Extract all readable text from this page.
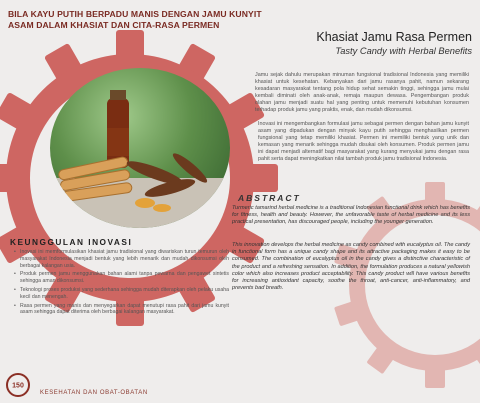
BILA KAYU PUTIH BERPADU MANIS DENGAN JAMU KUNYIT ASAM DALAM KHASIAT DAN CITA-RASA PERMEN
Khasiat Jamu Rasa Permen
Tasty Candy with Herbal Benefits
Jamu sejak dahulu merupakan minuman fungsional tradisional Indonesia yang memiliki khasiat untuk kesehatan. Kebanyakan dari jamu rasanya pahit, namun sekarang kesadaran masyarakat tentang pola hidup sehat semakin tinggi, sehingga jamu mulai kembali diminati oleh anak-anak, remaja maupun dewasa. Pengembangan produk olahan jamu menjadi suatu hal yang penting untuk memenuhi kebutuhan konsumen terhadap produk jamu yang praktis, enak, dan mudah dikonsumsi.
Inovasi ini mengembangkan formulasi jamu sebagai permen dengan bahan jamu kunyit asam yang dipadukan dengan minyak kayu putih sehingga menghasilkan permen fungsional yang tetap memiliki khasiat. Permen ini memiliki bentuk yang unik dan kemasan yang menarik sehingga mudah disukai oleh konsumen. Produk permen jamu ini dapat menjadi alternatif bagi masyarakat yang kurang menyukai jamu dengan rasa pahit serta dapat meningkatkan nilai tambah produk jamu tradisional Indonesia.
ABSTRACT
Turmeric tamarind herbal medicine is a traditional Indonesian functional drink which has benefits for fitness, health and beauty. However, the unfavorable taste of herbal medicine and its less practical presentation, has discouraged people, including the younger generation.
This innovation develops the herbal medicine as candy combined with eucalyptus oil. The candy in functional form has a unique candy shape and its attractive packaging makes it easy to be consumed. The combination of eucalyptus oil in the candy gives a distinctive characteristic of the product and a refreshing sensation. In addition, the formulation produces a natural yellowish color which also increases product acceptability. This candy product will have various benefits for increasing antioxidant capacity, soothe the throat, anti-cancer, anti-inflammatory, and prevents bad breath.
KEUNGGULAN INOVASI
• Inovasi ini memformulasikan khasiat jamu tradisional yang diwariskan turun temurun oleh masyarakat Indonesia menjadi bentuk yang lebih menarik dan mudah dikonsumsi oleh berbagai kalangan usia.
• Produk permen jamu menggunakan bahan alami tanpa pewarna dan pengawet sintetis sehingga aman dikonsumsi.
• Teknologi proses produksi yang sederhana sehingga mudah diterapkan oleh pelaku usaha kecil dan menengah.
• Rasa permen yang manis dan menyegarkan dapat menutupi rasa pahit dari jamu kunyit asam sehingga dapat diterima oleh berbagai kalangan masyarakat.
150
KESEHATAN DAN OBAT-OBATAN
